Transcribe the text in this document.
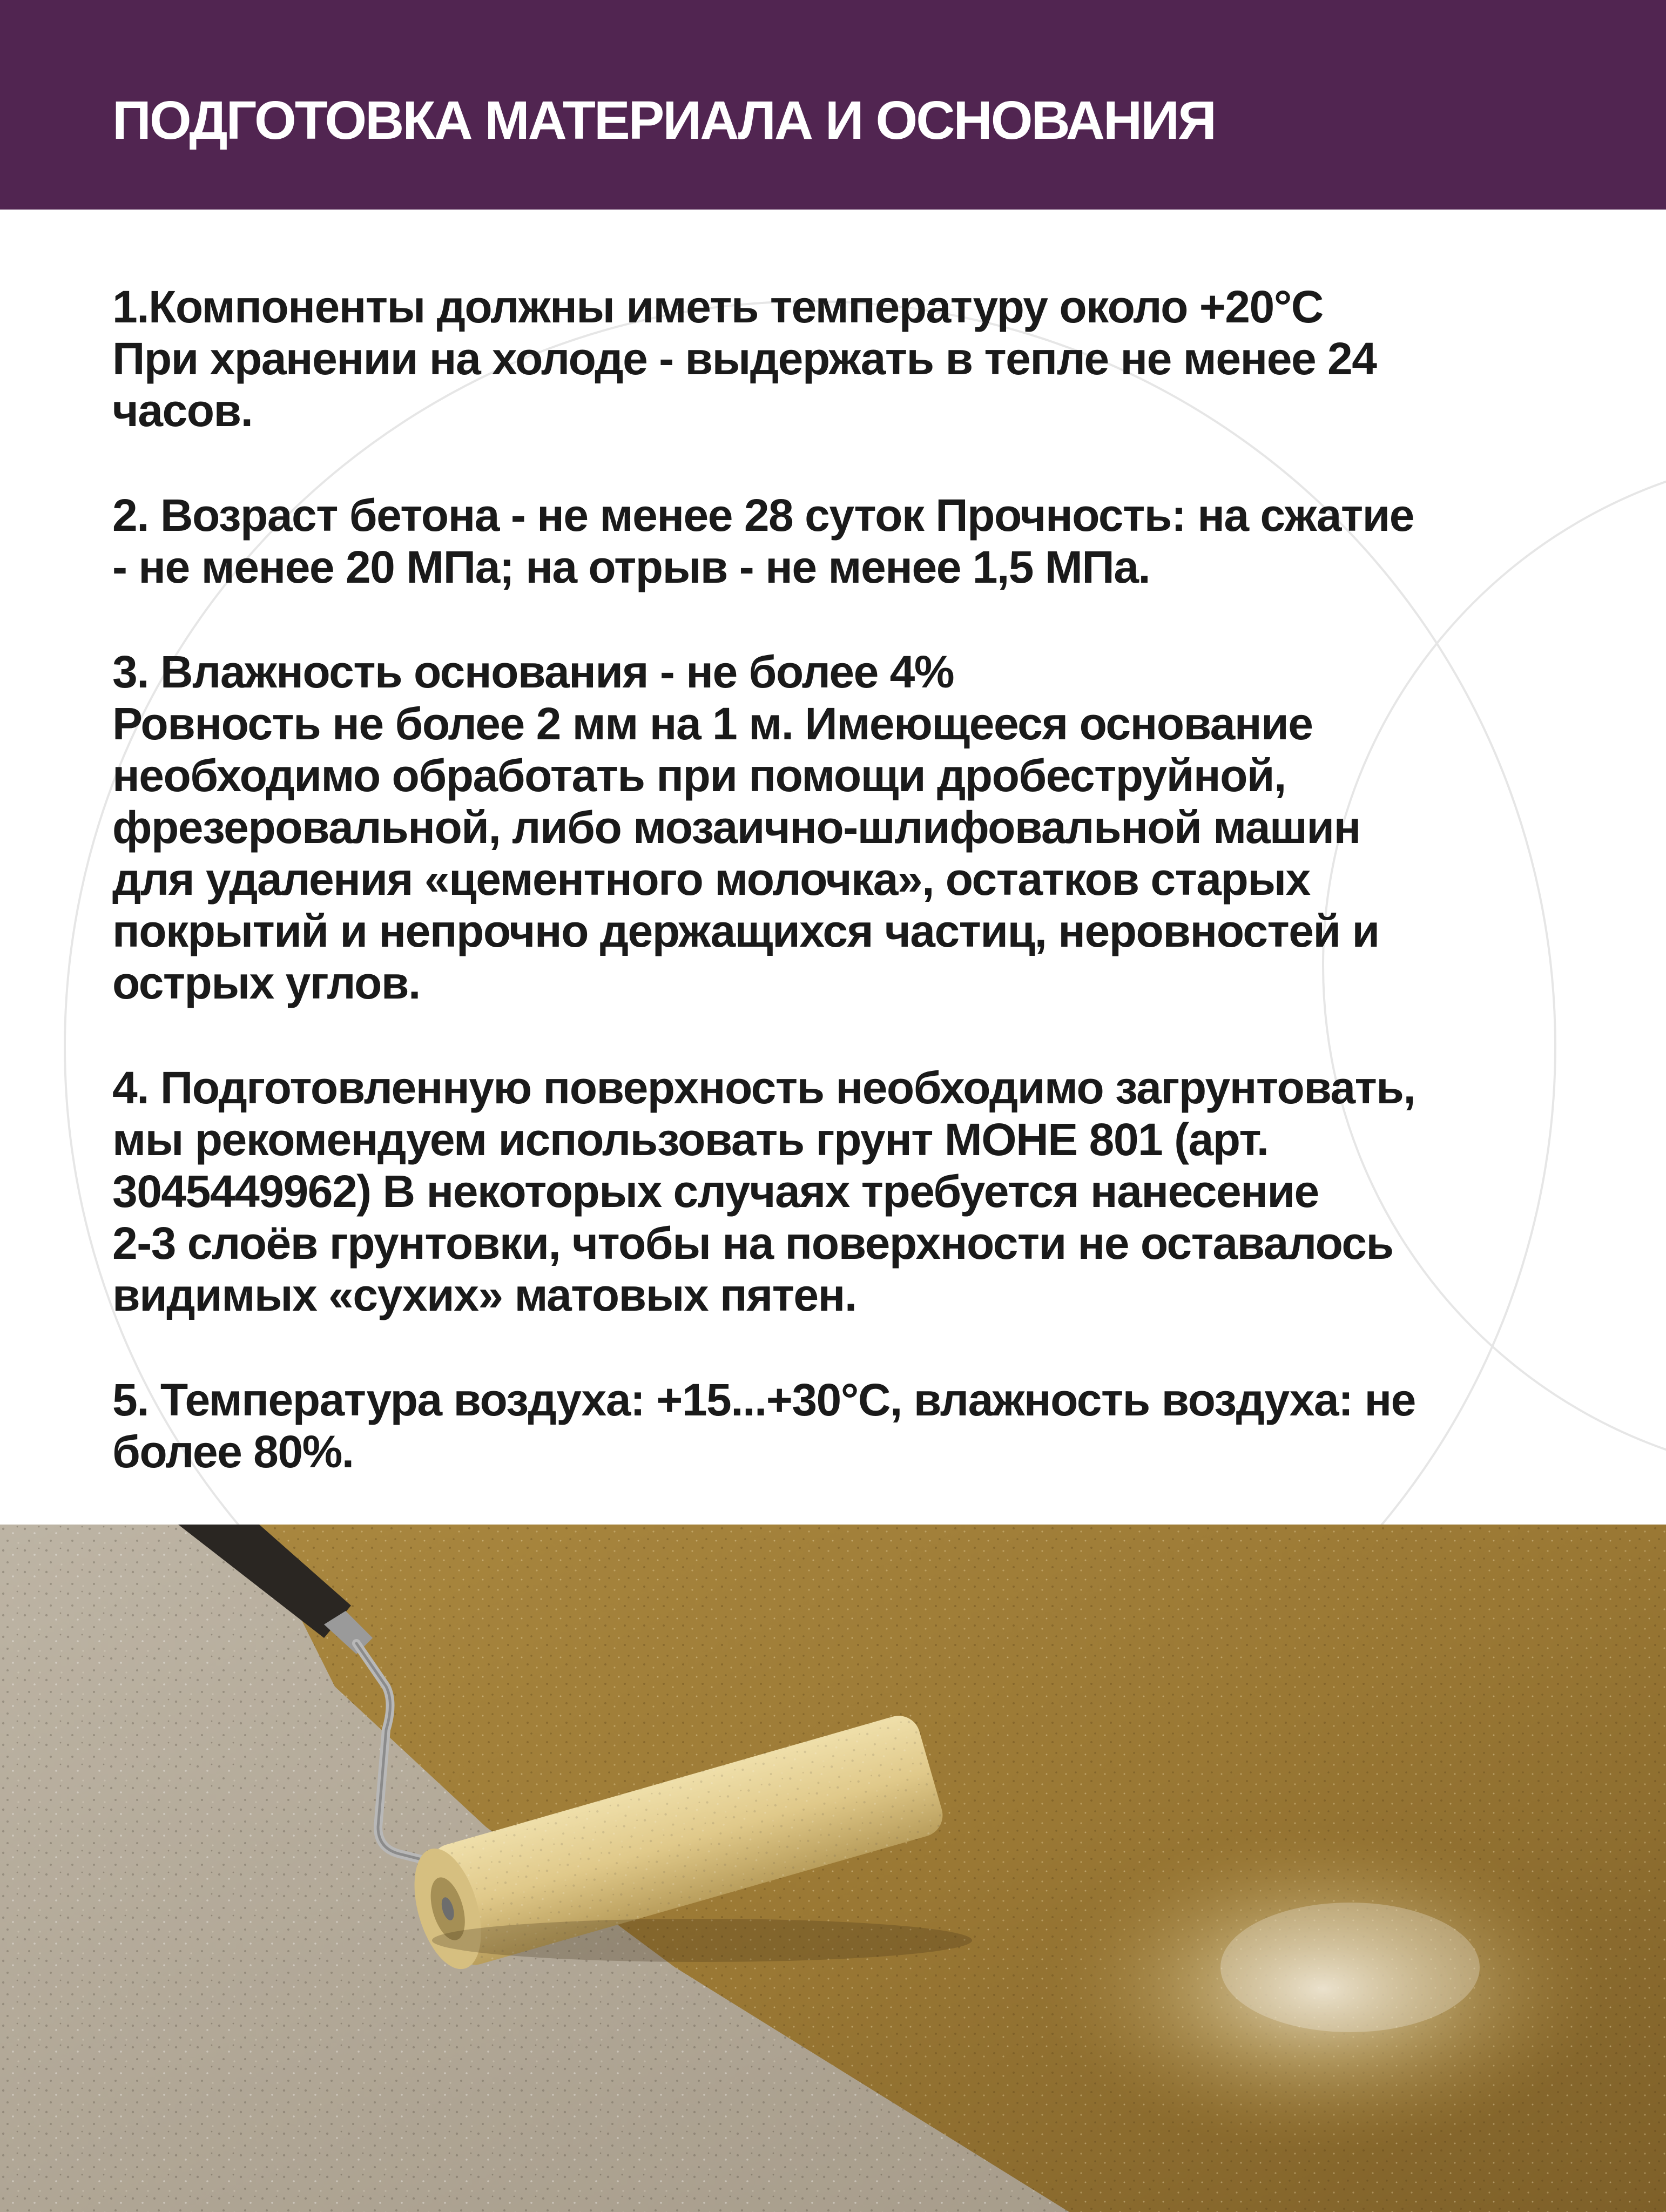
ПОДГОТОВКА МАТЕРИАЛА И ОСНОВАНИЯ

1.Компоненты должны иметь температуру около +20°C
При хранении на холоде - выдержать в тепле не менее 24
часов.

2. Возраст бетона - не менее 28 суток Прочность: на сжатие
- не менее 20 МПа; на отрыв - не менее 1,5 МПа.

3. Влажность основания - не более 4%
Ровность не более 2 мм на 1 м. Имеющееся основание
необходимо обработать при помощи дробеструйной,
фрезеровальной, либо мозаично-шлифовальной машин
для удаления «цементного молочка», остатков старых
покрытий и непрочно держащихся частиц, неровностей и
острых углов.

4. Подготовленную поверхность необходимо загрунтовать,
мы рекомендуем использовать грунт МОНЕ 801 (арт.
3045449962) В некоторых случаях требуется нанесение
2-3 слоёв грунтовки, чтобы на поверхности не оставалось
видимых «сухих» матовых пятен.

5. Температура воздуха: +15...+30°C, влажность воздуха: не
более 80%.
